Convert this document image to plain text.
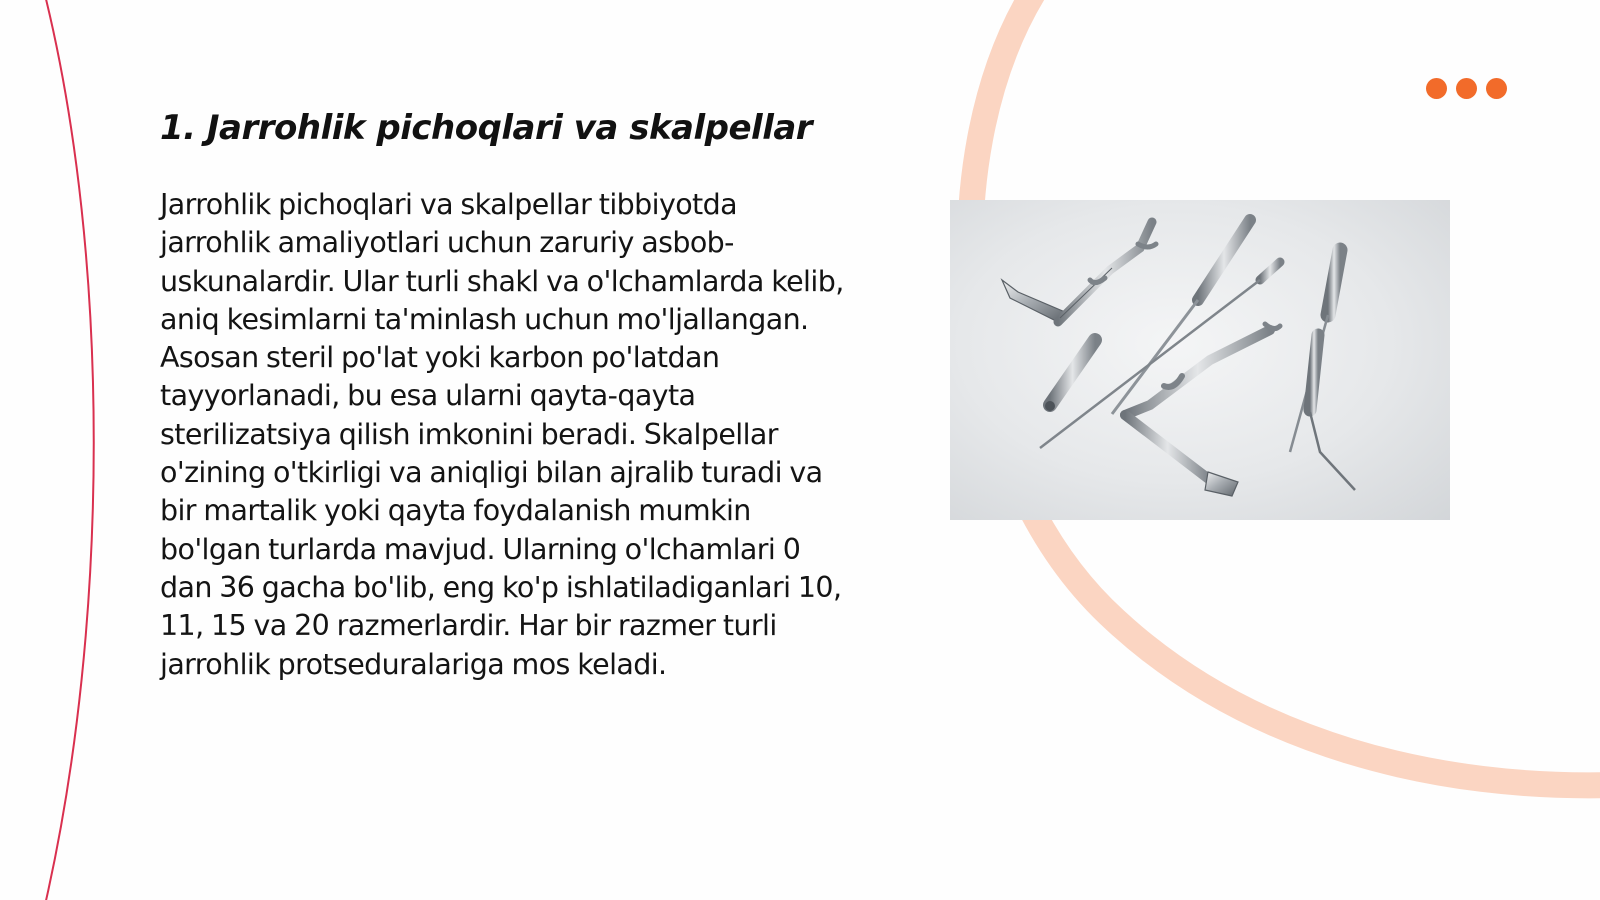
1. Jarrohlik pichoqlari va skalpellar

Jarrohlik pichoqlari va skalpellar tibbiyotda jarrohlik amaliyotlari uchun zaruriy asbob-uskunalardir. Ular turli shakl va o'lchamlarda kelib, aniq kesimlarni ta'minlash uchun mo'ljallangan. Asosan steril po'lat yoki karbon po'latdan tayyorlanadi, bu esa ularni qayta-qayta sterilizatsiya qilish imkonini beradi. Skalpellar o'zining o'tkirligi va aniqligi bilan ajralib turadi va bir martalik yoki qayta foydalanish mumkin bo'lgan turlarda mavjud. Ularning o'lchamlari 0 dan 36 gacha bo'lib, eng ko'p ishlatiladiganlari 10, 11, 15 va 20 razmerlardir. Har bir razmer turli jarrohlik protseduralariga mos keladi.
